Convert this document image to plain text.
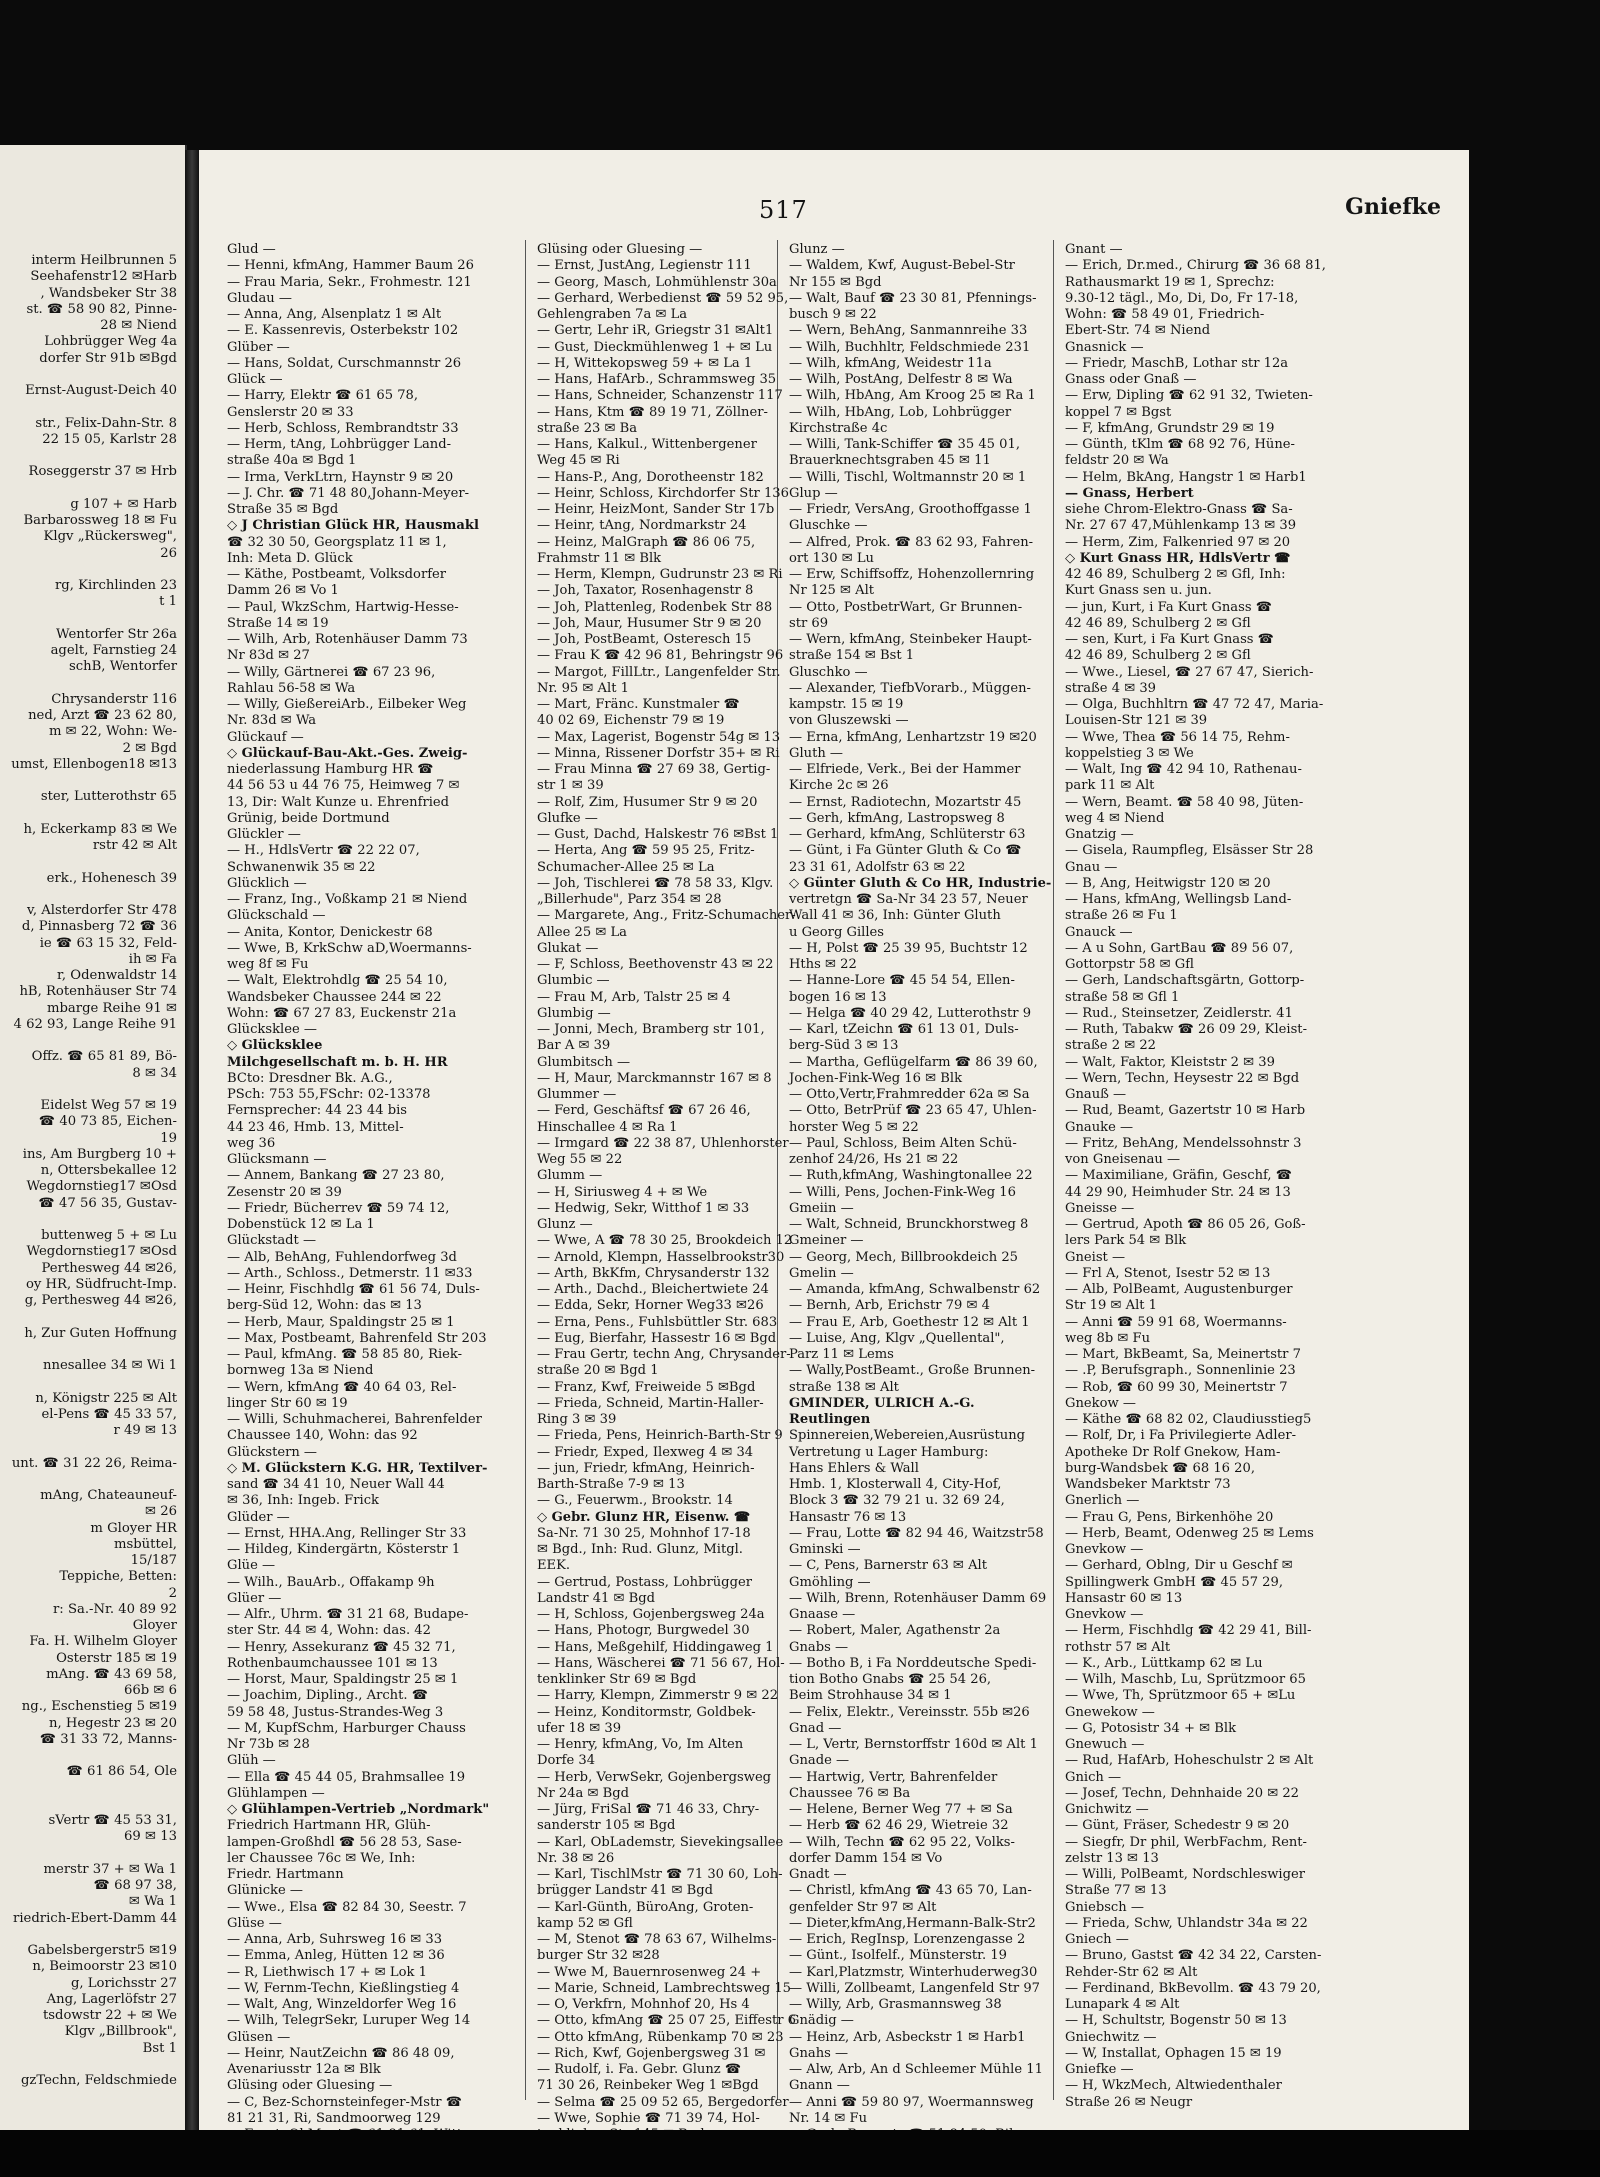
interm Heilbrunnen 5
Seehafenstr12 ✉Harb
, Wandsbeker Str 38
st. ☎ 58 90 82, Pinne-
28 ✉ Niend
Lohbrügger Weg 4a
dorfer Str 91b ✉Bgd
Ernst-August-Deich 40
str., Felix-Dahn-Str. 8
22 15 05, Karlstr 28
Roseggerstr 37 ✉ Hrb
g 107 + ✉ Harb
Barbarossweg 18 ✉ Fu
Klgv „Rückersweg",
26
rg, Kirchlinden 23
t 1
Wentorfer Str 26a
agelt, Farnstieg 24
schB, Wentorfer
Chrysanderstr 116
ned, Arzt ☎ 23 62 80,
m ✉ 22, Wohn: We-
2 ✉ Bgd
umst, Ellenbogen18 ✉13
ster, Lutterothstr 65
h, Eckerkamp 83 ✉ We
rstr 42 ✉ Alt
erk., Hohenesch 39
v, Alsterdorfer Str 478
d, Pinnasberg 72 ☎ 36
ie ☎ 63 15 32, Feld-
ih ✉ Fa
r, Odenwaldstr 14
hB, Rotenhäuser Str 74
mbarge Reihe 91 ✉
4 62 93, Lange Reihe 91
Offz. ☎ 65 81 89, Bö-
8 ✉ 34
Eidelst Weg 57 ✉ 19
☎ 40 73 85, Eichen-
19
ins, Am Burgberg 10 +
n, Ottersbekallee 12
Wegdornstieg17 ✉Osd
☎ 47 56 35, Gustav-
buttenweg 5 + ✉ Lu
Wegdornstieg17 ✉Osd
Perthesweg 44 ✉26,
oy HR, Südfrucht-Imp.
g, Perthesweg 44 ✉26,
h, Zur Guten Hoffnung
nnesallee 34 ✉ Wi 1
n, Königstr 225 ✉ Alt
el-Pens ☎ 45 33 57,
r 49 ✉ 13
unt. ☎ 31 22 26, Reima-
mAng, Chateauneuf-
✉ 26
m Gloyer HR
msbüttel,
15/187
Teppiche, Betten:
2
r: Sa.-Nr. 40 89 92
Gloyer
Fa. H. Wilhelm Gloyer
Osterstr 185 ✉ 19
mAng. ☎ 43 69 58,
66b ✉ 6
ng., Eschenstieg 5 ✉19
n, Hegestr 23 ✉ 20
☎ 31 33 72, Manns-
☎ 61 86 54, Ole
sVertr ☎ 45 53 31,
69 ✉ 13
merstr 37 + ✉ Wa 1
☎ 68 97 38,
✉ Wa 1
riedrich-Ebert-Damm 44
Gabelsbergerstr5 ✉19
n, Beimoorstr 23 ✉10
g, Lorichsstr 27
Ang, Lagerlöfstr 27
tsdowstr 22 + ✉ We
Klgv „Billbrook",
Bst 1
gzTechn, Feldschmiede
517	Gniefke
Glud —
— Henni, kfmAng, Hammer Baum 26
— Frau Maria, Sekr., Frohmestr. 121
Gludau —
— Anna, Ang, Alsenplatz 1 ✉ Alt
— E. Kassenrevis, Osterbekstr 102
Glüber —
— Hans, Soldat, Curschmannstr 26
Glück —
— Harry, Elektr ☎ 61 65 78,
Genslerstr 20 ✉ 33
— Herb, Schloss, Rembrandtstr 33
— Herm, tAng, Lohbrügger Land-
straße 40a ✉ Bgd 1
— Irma, VerkLtrn, Haynstr 9 ✉ 20
— J. Chr. ☎ 71 48 80,Johann-Meyer-
Straße 35 ✉ Bgd
◇ J Christian Glück HR, Hausmakl
☎ 32 30 50, Georgsplatz 11 ✉ 1,
Inh: Meta D. Glück
— Käthe, Postbeamt, Volksdorfer
Damm 26 ✉ Vo 1
— Paul, WkzSchm, Hartwig-Hesse-
Straße 14 ✉ 19
— Wilh, Arb, Rotenhäuser Damm 73
Nr 83d ✉ 27
— Willy, Gärtnerei ☎ 67 23 96,
Rahlau 56-58 ✉ Wa
— Willy, GießereiArb., Eilbeker Weg
Nr. 83d ✉ Wa
Glückauf —
◇ Glückauf-Bau-Akt.-Ges. Zweig-
niederlassung Hamburg HR ☎
44 56 53 u 44 76 75, Heimweg 7 ✉
13, Dir: Walt Kunze u. Ehrenfried
Grünig, beide Dortmund
Glückler —
— H., HdlsVertr ☎ 22 22 07,
Schwanenwik 35 ✉ 22
Glücklich —
— Franz, Ing., Voßkamp 21 ✉ Niend
Glückschald —
— Anita, Kontor, Denickestr 68
— Wwe, B, KrkSchw aD,Woermanns-
weg 8f ✉ Fu
— Walt, Elektrohdlg ☎ 25 54 10,
Wandsbeker Chaussee 244 ✉ 22
Wohn: ☎ 67 27 83, Euckenstr 21a
Glücksklee —
◇ Glücksklee
Milchgesellschaft m. b. H. HR
BCto: Dresdner Bk. A.G.,
PSch: 753 55,FSchr: 02-13378
Fernsprecher: 44 23 44 bis
44 23 46, Hmb. 13, Mittel-
weg 36
Glücksmann —
— Annem, Bankang ☎ 27 23 80,
Zesenstr 20 ✉ 39
— Friedr, Bücherrev ☎ 59 74 12,
Dobenstück 12 ✉ La 1
Glückstadt —
— Alb, BehAng, Fuhlendorfweg 3d
— Arth., Schloss., Detmerstr. 11 ✉33
— Heinr, Fischhdlg ☎ 61 56 74, Duls-
berg-Süd 12, Wohn: das ✉ 13
— Herb, Maur, Spaldingstr 25 ✉ 1
— Max, Postbeamt, Bahrenfeld Str 203
— Paul, kfmAng. ☎ 58 85 80, Riek-
bornweg 13a ✉ Niend
— Wern, kfmAng ☎ 40 64 03, Rel-
linger Str 60 ✉ 19
— Willi, Schuhmacherei, Bahrenfelder
Chaussee 140, Wohn: das 92
Glückstern —
◇ M. Glückstern K.G. HR, Textilver-
sand ☎ 34 41 10, Neuer Wall 44
✉ 36, Inh: Ingeb. Frick
Glüder —
— Ernst, HHA.Ang, Rellinger Str 33
— Hildeg, Kindergärtn, Kösterstr 1
Glüe —
— Wilh., BauArb., Offakamp 9h
Glüer —
— Alfr., Uhrm. ☎ 31 21 68, Budape-
ster Str. 44 ✉ 4, Wohn: das. 42
— Henry, Assekuranz ☎ 45 32 71,
Rothenbaumchaussee 101 ✉ 13
— Horst, Maur, Spaldingstr 25 ✉ 1
— Joachim, Dipling., Archt. ☎
59 58 48, Justus-Strandes-Weg 3
— M, KupfSchm, Harburger Chauss
Nr 73b ✉ 28
Glüh —
— Ella ☎ 45 44 05, Brahmsallee 19
Glühlampen —
◇ Glühlampen-Vertrieb „Nordmark"
Friedrich Hartmann HR, Glüh-
lampen-Großhdl ☎ 56 28 53, Sase-
ler Chaussee 76c ✉ We, Inh:
Friedr. Hartmann
Glünicke —
— Wwe., Elsa ☎ 82 84 30, Seestr. 7
Glüse —
— Anna, Arb, Suhrsweg 16 ✉ 33
— Emma, Anleg, Hütten 12 ✉ 36
— R, Liethwisch 17 + ✉ Lok 1
— W, Fernm-Techn, Kießlingstieg 4
— Walt, Ang, Winzeldorfer Weg 16
— Wilh, TelegrSekr, Luruper Weg 14
Glüsen —
— Heinr, NautZeichn ☎ 86 48 09,
Avenariusstr 12a ✉ Blk
Glüsing oder Gluesing —
— C, Bez-Schornsteinfeger-Mstr ☎
81 21 31, Ri, Sandmoorweg 129
Glüsing oder Gluesing —
— Ernst, JustAng, Legienstr 111
— Georg, Masch, Lohmühlenstr 30a
— Gerhard, Werbedienst ☎ 59 52 95,
Gehlengraben 7a ✉ La
— Gertr, Lehr iR, Griegstr 31 ✉Alt1
— Gust, Dieckmühlenweg 1 + ✉ Lu
— H, Wittekopsweg 59 + ✉ La 1
— Hans, HafArb., Schrammsweg 35
— Hans, Schneider, Schanzenstr 117
— Hans, Ktm ☎ 89 19 71, Zöllner-
straße 23 ✉ Ba
— Hans, Kalkul., Wittenbergener
Weg 45 ✉ Ri
— Hans-P., Ang, Dorotheenstr 182
— Heinr, Schloss, Kirchdorfer Str 136
— Heinr, HeizMont, Sander Str 17b
— Heinr, tAng, Nordmarkstr 24
— Heinz, MalGraph ☎ 86 06 75,
Frahmstr 11 ✉ Blk
— Herm, Klempn, Gudrunstr 23 ✉ Ri
— Joh, Taxator, Rosenhagenstr 8
— Joh, Plattenleg, Rodenbek Str 88
— Joh, Maur, Husumer Str 9 ✉ 20
— Joh, PostBeamt, Osteresch 15
— Frau K ☎ 42 96 81, Behringstr 96
— Margot, FillLtr., Langenfelder Str.
Nr. 95 ✉ Alt 1
— Mart, Fränc. Kunstmaler ☎
40 02 69, Eichenstr 79 ✉ 19
— Max, Lagerist, Bogenstr 54g ✉ 13
— Minna, Rissener Dorfstr 35+ ✉ Ri
— Frau Minna ☎ 27 69 38, Gertig-
str 1 ✉ 39
— Rolf, Zim, Husumer Str 9 ✉ 20
Glufke —
— Gust, Dachd, Halskestr 76 ✉Bst 1
— Herta, Ang ☎ 59 95 25, Fritz-
Schumacher-Allee 25 ✉ La
— Joh, Tischlerei ☎ 78 58 33, Klgv.
„Billerhude", Parz 354 ✉ 28
— Margarete, Ang., Fritz-Schumacher-
Allee 25 ✉ La
Glukat —
— F, Schloss, Beethovenstr 43 ✉ 22
Glumbic —
— Frau M, Arb, Talstr 25 ✉ 4
Glumbig —
— Jonni, Mech, Bramberg str 101,
Bar A ✉ 39
Glumbitsch —
— H, Maur, Marckmannstr 167 ✉ 8
Glummer —
— Ferd, Geschäftsf ☎ 67 26 46,
Hinschallee 4 ✉ Ra 1
— Irmgard ☎ 22 38 87, Uhlenhorster
Weg 55 ✉ 22
Glumm —
— H, Siriusweg 4 + ✉ We
— Hedwig, Sekr, Witthof 1 ✉ 33
Glunz —
— Wwe, A ☎ 78 30 25, Brookdeich 12
— Arnold, Klempn, Hasselbrookstr30
— Arth, BkKfm, Chrysanderstr 132
— Arth., Dachd., Bleichertwiete 24
— Edda, Sekr, Horner Weg33 ✉26
— Erna, Pens., Fuhlsbüttler Str. 683
— Eug, Bierfahr, Hassestr 16 ✉ Bgd
— Frau Gertr, techn Ang, Chrysander-
straße 20 ✉ Bgd 1
— Franz, Kwf, Freiweide 5 ✉Bgd
— Frieda, Schneid, Martin-Haller-
Ring 3 ✉ 39
— Frieda, Pens, Heinrich-Barth-Str 9
— Friedr, Exped, Ilexweg 4 ✉ 34
— jun, Friedr, kfmAng, Heinrich-
Barth-Straße 7-9 ✉ 13
— G., Feuerwm., Brookstr. 14
◇ Gebr. Glunz HR, Eisenw. ☎
Sa-Nr. 71 30 25, Mohnhof 17-18
✉ Bgd., Inh: Rud. Glunz, Mitgl.
EEK.
— Gertrud, Postass, Lohbrügger
Landstr 41 ✉ Bgd
— H, Schloss, Gojenbergsweg 24a
— Hans, Photogr, Burgwedel 30
— Hans, Meßgehilf, Hiddingaweg 1
— Hans, Wäscherei ☎ 71 56 67, Hol-
tenklinker Str 69 ✉ Bgd
— Harry, Klempn, Zimmerstr 9 ✉ 22
— Heinz, Konditormstr, Goldbek-
ufer 18 ✉ 39
— Henry, kfmAng, Vo, Im Alten
Dorfe 34
— Herb, VerwSekr, Gojenbergsweg
Nr 24a ✉ Bgd
— Jürg, FriSal ☎ 71 46 33, Chry-
sanderstr 105 ✉ Bgd
— Karl, ObLademstr, Sievekingsallee
Nr. 38 ✉ 26
— Karl, TischlMstr ☎ 71 30 60, Loh-
brügger Landstr 41 ✉ Bgd
— Karl-Günth, BüroAng, Groten-
kamp 52 ✉ Gfl
— M, Stenot ☎ 78 63 67, Wilhelms-
burger Str 32 ✉28
— Wwe M, Bauernrosenweg 24 +
— Marie, Schneid, Lambrechtsweg 15
— O, Verkfrn, Mohnhof 20, Hs 4
— Otto, kfmAng ☎ 25 07 25, Eiffestr 6
— Otto kfmAng, Rübenkamp 70 ✉ 23
— Rich, Kwf, Gojenbergsweg 31 ✉
— Rudolf, i. Fa. Gebr. Glunz ☎
71 30 26, Reinbeker Weg 1 ✉Bgd
— Selma ☎ 25 09 52 65, Bergedorfer
— Wwe, Sophie ☎ 71 39 74, Hol-
Glunz —
— Waldem, Kwf, August-Bebel-Str
Nr 155 ✉ Bgd
— Walt, Bauf ☎ 23 30 81, Pfennings-
busch 9 ✉ 22
— Wern, BehAng, Sanmannreihe 33
— Wilh, Buchhltr, Feldschmiede 231
— Wilh, kfmAng, Weidestr 11a
— Wilh, PostAng, Delfestr 8 ✉ Wa
— Wilh, HbAng, Am Kroog 25 ✉ Ra 1
— Wilh, HbAng, Lob, Lohbrügger
Kirchstraße 4c
— Willi, Tank-Schiffer ☎ 35 45 01,
Brauerknechtsgraben 45 ✉ 11
— Willi, Tischl, Woltmannstr 20 ✉ 1
Glup —
— Friedr, VersAng, Groothoffgasse 1
Gluschke —
— Alfred, Prok. ☎ 83 62 93, Fahren-
ort 130 ✉ Lu
— Erw, Schiffsoffz, Hohenzollernring
Nr 125 ✉ Alt
— Otto, PostbetrWart, Gr Brunnen-
str 69
— Wern, kfmAng, Steinbeker Haupt-
straße 154 ✉ Bst 1
Gluschko —
— Alexander, TiefbVorarb., Müggen-
kampstr. 15 ✉ 19
von Gluszewski —
— Erna, kfmAng, Lenhartzstr 19 ✉20
Gluth —
— Elfriede, Verk., Bei der Hammer
Kirche 2c ✉ 26
— Ernst, Radiotechn, Mozartstr 45
— Gerh, kfmAng, Lastropsweg 8
— Gerhard, kfmAng, Schlüterstr 63
— Günt, i Fa Günter Gluth & Co ☎
23 31 61, Adolfstr 63 ✉ 22
◇ Günter Gluth & Co HR, Industrie-
vertretgn ☎ Sa-Nr 34 23 57, Neuer
Wall 41 ✉ 36, Inh: Günter Gluth
u Georg Gilles
— H, Polst ☎ 25 39 95, Buchtstr 12
Hths ✉ 22
— Hanne-Lore ☎ 45 54 54, Ellen-
bogen 16 ✉ 13
— Helga ☎ 40 29 42, Lutterothstr 9
— Karl, tZeichn ☎ 61 13 01, Duls-
berg-Süd 3 ✉ 13
— Martha, Geflügelfarm ☎ 86 39 60,
Jochen-Fink-Weg 16 ✉ Blk
— Otto,Vertr,Frahmredder 62a ✉ Sa
— Otto, BetrPrüf ☎ 23 65 47, Uhlen-
horster Weg 5 ✉ 22
— Paul, Schloss, Beim Alten Schü-
zenhof 24/26, Hs 21 ✉ 22
— Ruth,kfmAng, Washingtonallee 22
— Willi, Pens, Jochen-Fink-Weg 16
Gmeiin —
— Walt, Schneid, Brunckhorstweg 8
Gmeiner —
— Georg, Mech, Billbrookdeich 25
Gmelin —
— Amanda, kfmAng, Schwalbenstr 62
— Bernh, Arb, Erichstr 79 ✉ 4
— Frau E, Arb, Goethestr 12 ✉ Alt 1
— Luise, Ang, Klgv „Quellental",
Parz 11 ✉ Lems
— Wally,PostBeamt., Große Brunnen-
straße 138 ✉ Alt
GMINDER, ULRICH A.-G.
Reutlingen
Spinnereien,Webereien,Ausrüstung
Vertretung u Lager Hamburg:
Hans Ehlers & Wall
Hmb. 1, Klosterwall 4, City-Hof,
Block 3 ☎ 32 79 21 u. 32 69 24,
Hansastr 76 ✉ 13
— Frau, Lotte ☎ 82 94 46, Waitzstr58
Gminski —
— C, Pens, Barnerstr 63 ✉ Alt
Gmöhling —
— Wilh, Brenn, Rotenhäuser Damm 69
Gnaase —
— Robert, Maler, Agathenstr 2a
Gnabs —
— Botho B, i Fa Norddeutsche Spedi-
tion Botho Gnabs ☎ 25 54 26,
Beim Strohhause 34 ✉ 1
— Felix, Elektr., Vereinsstr. 55b ✉26
Gnad —
— L, Vertr, Bernstorffstr 160d ✉ Alt 1
Gnade —
— Hartwig, Vertr, Bahrenfelder
Chaussee 76 ✉ Ba
— Helene, Berner Weg 77 + ✉ Sa
— Herb ☎ 62 46 29, Wietreie 32
— Wilh, Techn ☎ 62 95 22, Volks-
dorfer Damm 154 ✉ Vo
Gnadt —
— Christl, kfmAng ☎ 43 65 70, Lan-
genfelder Str 97 ✉ Alt
— Dieter,kfmAng,Hermann-Balk-Str2
— Erich, RegInsp, Lorenzengasse 2
— Günt., Isolfelf., Münsterstr. 19
— Karl,Platzmstr, Winterhuderweg30
— Willi, Zollbeamt, Langenfeld Str 97
— Willy, Arb, Grasmannsweg 38
Gnädig —
— Heinz, Arb, Asbeckstr 1 ✉ Harb1
Gnahs —
— Alw, Arb, An d Schleemer Mühle 11
Gnann —
— Anni ☎ 59 80 97, Woermannsweg
Nr. 14 ✉ Fu
Gnant —
— Erich, Dr.med., Chirurg ☎ 36 68 81,
Rathausmarkt 19 ✉ 1, Sprechz:
9.30-12 tägl., Mo, Di, Do, Fr 17-18,
Wohn: ☎ 58 49 01, Friedrich-
Ebert-Str. 74 ✉ Niend
Gnasnick —
— Friedr, MaschB, Lothar str 12a
Gnass oder Gnaß —
— Erw, Dipling ☎ 62 91 32, Twieten-
koppel 7 ✉ Bgst
— F, kfmAng, Grundstr 29 ✉ 19
— Günth, tKlm ☎ 68 92 76, Hüne-
feldstr 20 ✉ Wa
— Helm, BkAng, Hangstr 1 ✉ Harb1
— Gnass, Herbert
siehe Chrom-Elektro-Gnass ☎ Sa-
Nr. 27 67 47,Mühlenkamp 13 ✉ 39
— Herm, Zim, Falkenried 97 ✉ 20
◇ Kurt Gnass HR, HdlsVertr ☎
42 46 89, Schulberg 2 ✉ Gfl, Inh:
Kurt Gnass sen u. jun.
— jun, Kurt, i Fa Kurt Gnass ☎
42 46 89, Schulberg 2 ✉ Gfl
— sen, Kurt, i Fa Kurt Gnass ☎
42 46 89, Schulberg 2 ✉ Gfl
— Wwe., Liesel, ☎ 27 67 47, Sierich-
straße 4 ✉ 39
— Olga, Buchhltrn ☎ 47 72 47, Maria-
Louisen-Str 121 ✉ 39
— Wwe, Thea ☎ 56 14 75, Rehm-
koppelstieg 3 ✉ We
— Walt, Ing ☎ 42 94 10, Rathenau-
park 11 ✉ Alt
— Wern, Beamt. ☎ 58 40 98, Jüten-
weg 4 ✉ Niend
Gnatzig —
— Gisela, Raumpfleg, Elsässer Str 28
Gnau —
— B, Ang, Heitwigstr 120 ✉ 20
— Hans, kfmAng, Wellingsb Land-
straße 26 ✉ Fu 1
Gnauck —
— A u Sohn, GartBau ☎ 89 56 07,
Gottorpstr 58 ✉ Gfl
— Gerh, Landschaftsgärtn, Gottorp-
straße 58 ✉ Gfl 1
— Rud., Steinsetzer, Zeidlerstr. 41
— Ruth, Tabakw ☎ 26 09 29, Kleist-
straße 2 ✉ 22
— Walt, Faktor, Kleiststr 2 ✉ 39
— Wern, Techn, Heysestr 22 ✉ Bgd
Gnauß —
— Rud, Beamt, Gazertstr 10 ✉ Harb
Gnauke —
— Fritz, BehAng, Mendelssohnstr 3
von Gneisenau —
— Maximiliane, Gräfin, Geschf, ☎
44 29 90, Heimhuder Str. 24 ✉ 13
Gneisse —
— Gertrud, Apoth ☎ 86 05 26, Goß-
lers Park 54 ✉ Blk
Gneist —
— Frl A, Stenot, Isestr 52 ✉ 13
— Alb, PolBeamt, Augustenburger
Str 19 ✉ Alt 1
— Anni ☎ 59 91 68, Woermanns-
weg 8b ✉ Fu
— Mart, BkBeamt, Sa, Meinertstr 7
— .P, Berufsgraph., Sonnenlinie 23
— Rob, ☎ 60 99 30, Meinertstr 7
Gnekow —
— Käthe ☎ 68 82 02, Claudiusstieg5
— Rolf, Dr, i Fa Privilegierte Adler-
Apotheke Dr Rolf Gnekow, Ham-
burg-Wandsbek ☎ 68 16 20,
Wandsbeker Marktstr 73
Gnerlich —
— Frau G, Pens, Birkenhöhe 20
— Herb, Beamt, Odenweg 25 ✉ Lems
Gnevkow —
— Gerhard, Oblng, Dir u Geschf ✉
Spillingwerk GmbH ☎ 45 57 29,
Hansastr 60 ✉ 13
Gnevkow —
— Herm, Fischhdlg ☎ 42 29 41, Bill-
rothstr 57 ✉ Alt
— K., Arb., Lüttkamp 62 ✉ Lu
— Wilh, Maschb, Lu, Sprützmoor 65
— Wwe, Th, Sprützmoor 65 + ✉Lu
Gnewekow —
— G, Potosistr 34 + ✉ Blk
Gnewuch —
— Rud, HafArb, Hoheschulstr 2 ✉ Alt
Gnich —
— Josef, Techn, Dehnhaide 20 ✉ 22
Gnichwitz —
— Günt, Fräser, Schedestr 9 ✉ 20
— Siegfr, Dr phil, WerbFachm, Rent-
zelstr 13 ✉ 13
— Willi, PolBeamt, Nordschleswiger
Straße 77 ✉ 13
Gniebsch —
— Frieda, Schw, Uhlandstr 34a ✉ 22
Gniech —
— Bruno, Gastst ☎ 42 34 22, Carsten-
Rehder-Str 62 ✉ Alt
— Ferdinand, BkBevollm. ☎ 43 79 20,
Lunapark 4 ✉ Alt
— H, Schultstr, Bogenstr 50 ✉ 13
Gniechwitz —
— W, Installat, Ophagen 15 ✉ 19
Gniefke —
— H, WkzMech, Altwiedenthaler
Straße 26 ✉ Neugr
